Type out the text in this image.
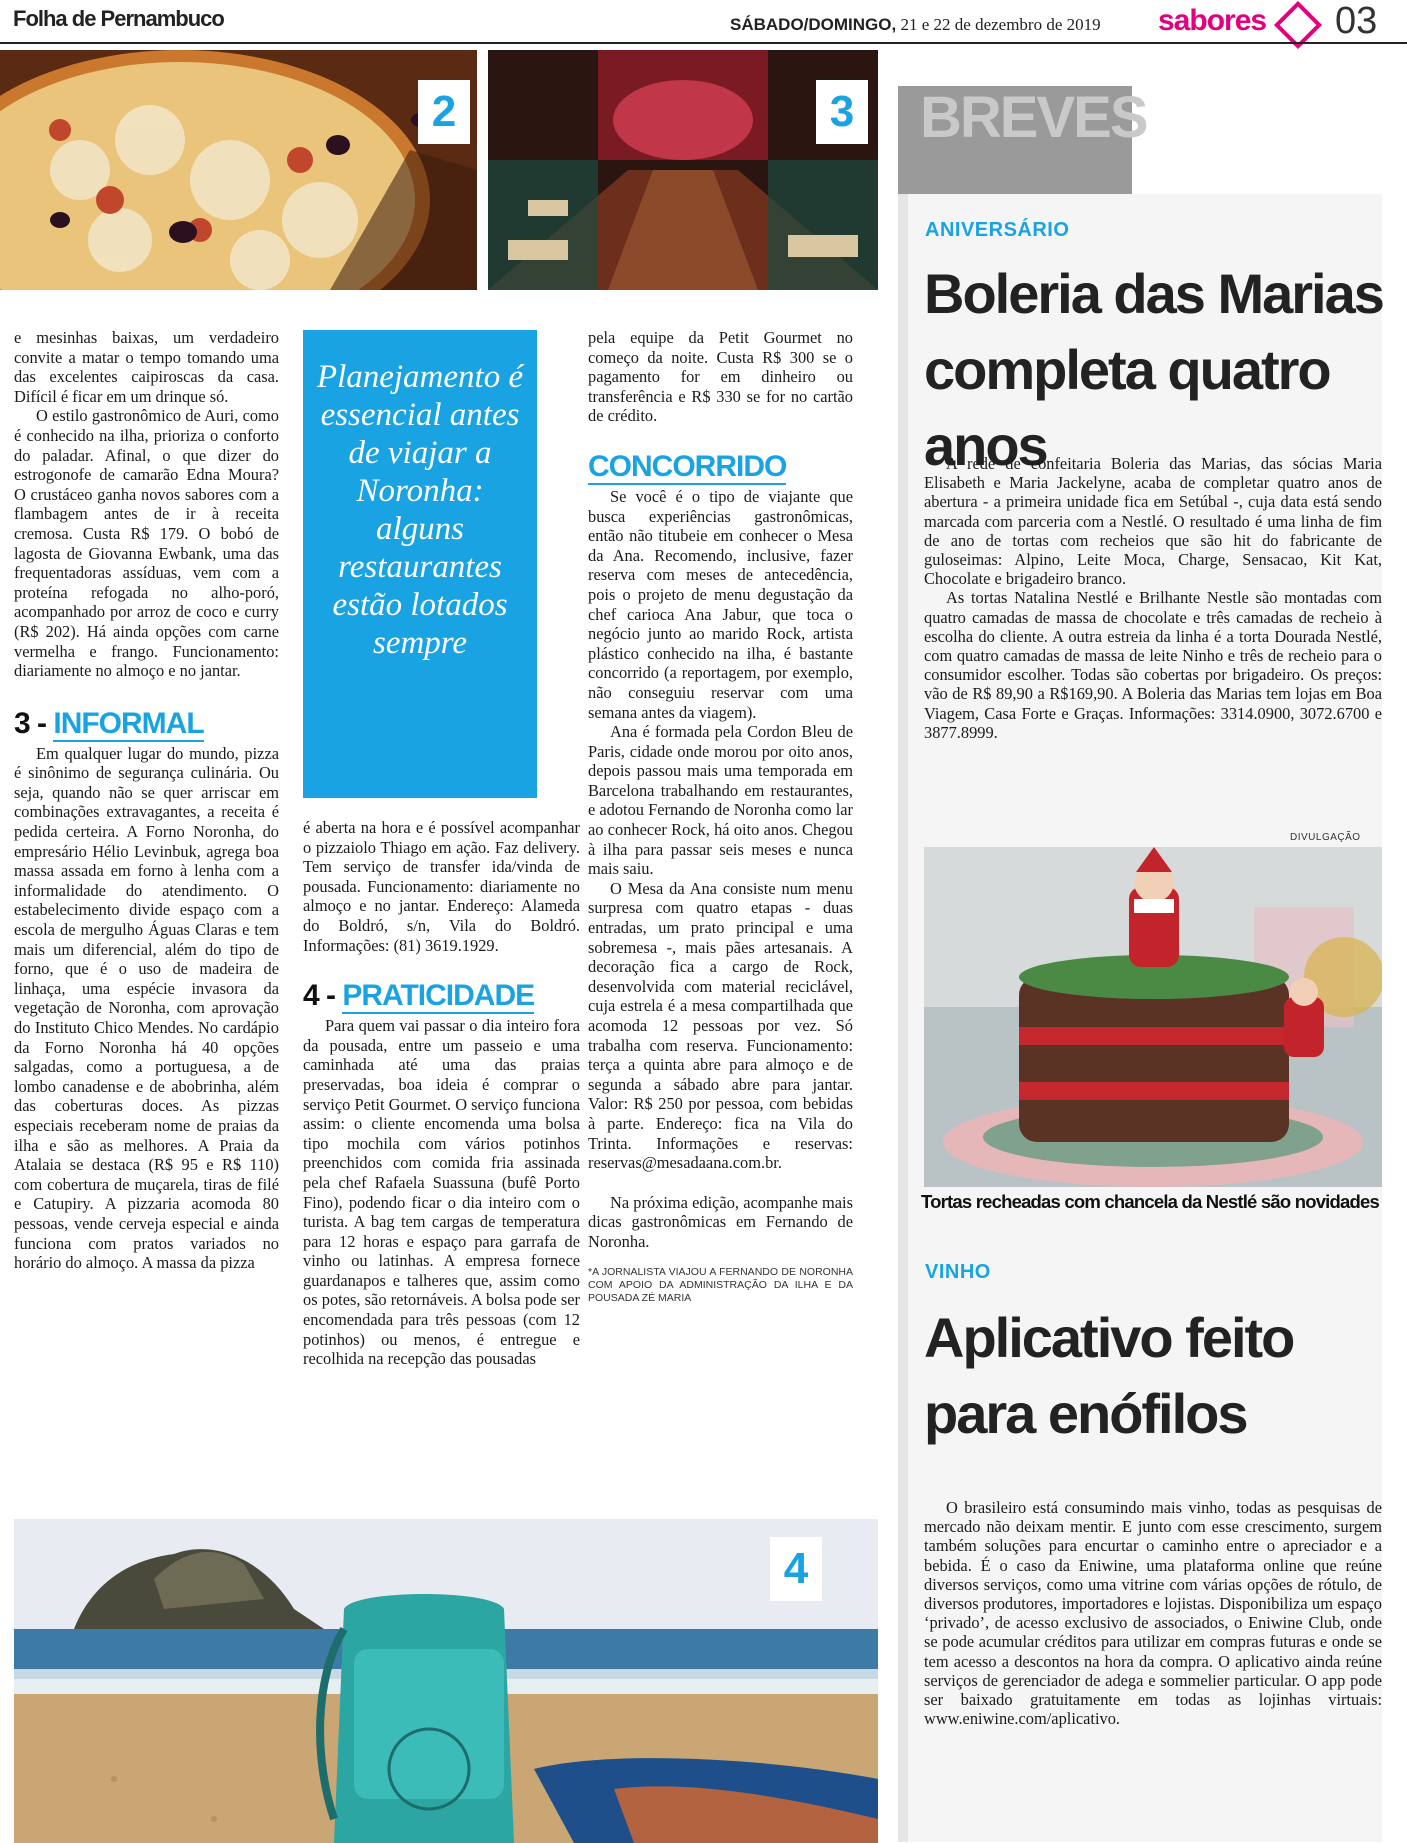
Folha de Pernambuco	SÁBADO/DOMINGO, 21 e 22 de dezembro de 2019 sabores 03
2	3

e mesinhas baixas, um verdadeiro convite a matar o tempo tomando uma das excelentes caipiroscas da casa. Difícil é ficar em um drinque só.

O estilo gastronômico de Auri, como é conhecido na ilha, prioriza o conforto do paladar. Afinal, o que dizer do estrogonofe de camarão Edna Moura? O crustáceo ganha novos sabores com a flambagem antes de ir à receita cremosa. Custa R$ 179. O bobó de lagosta de Giovanna Ewbank, uma das frequentadoras assíduas, vem com a proteína refogada no alho-poró, acompanhado por arroz de coco e curry (R$ 202). Há ainda opções com carne vermelha e frango. Funcionamento: diariamente no almoço e no jantar.

3 - INFORMAL

Em qualquer lugar do mundo, pizza é sinônimo de segurança culinária. Ou seja, quando não se quer arriscar em combinações extravagantes, a receita é pedida certeira. A Forno Noronha, do empresário Hélio Levinbuk, agrega boa massa assada em forno à lenha com a informalidade do atendimento. O estabelecimento divide espaço com a escola de mergulho Águas Claras e tem mais um diferencial, além do tipo de forno, que é o uso de madeira de linhaça, uma espécie invasora da vegetação de Noronha, com aprovação do Instituto Chico Mendes. No cardápio da Forno Noronha há 40 opções salgadas, como a portuguesa, a de lombo canadense e de abobrinha, além das coberturas doces. As pizzas especiais receberam nome de praias da ilha e são as melhores. A Praia da Atalaia se destaca (R$ 95 e R$ 110) com cobertura de muçarela, tiras de filé e Catupiry. A pizzaria acomoda 80 pessoas, vende cerveja especial e ainda funciona com pratos variados no horário do almoço. A massa da pizza

Planejamento é essencial antes de viajar a Noronha: alguns restaurantes estão lotados sempre

é aberta na hora e é possível acompanhar o pizzaiolo Thiago em ação. Faz delivery. Tem serviço de transfer ida/vinda de pousada. Funcionamento: diariamente no almoço e no jantar. Endereço: Alameda do Boldró, s/n, Vila do Boldró. Informações: (81) 3619.1929.

4 - PRATICIDADE

Para quem vai passar o dia inteiro fora da pousada, entre um passeio e uma caminhada até uma das praias preservadas, boa ideia é comprar o serviço Petit Gourmet. O serviço funciona assim: o cliente encomenda uma bolsa tipo mochila com vários potinhos preenchidos com comida fria assinada pela chef Rafaela Suassuna (bufê Porto Fino), podendo ficar o dia inteiro com o turista. A bag tem cargas de temperatura para 12 horas e espaço para garrafa de vinho ou latinhas. A empresa fornece guardanapos e talheres que, assim como os potes, são retornáveis. A bolsa pode ser encomendada para três pessoas (com 12 potinhos) ou menos, é entregue e recolhida na recepção das pousadas

pela equipe da Petit Gourmet no começo da noite. Custa R$ 300 se o pagamento for em dinheiro ou transferência e R$ 330 se for no cartão de crédito.

CONCORRIDO

Se você é o tipo de viajante que busca experiências gastronômicas, então não titubeie em conhecer o Mesa da Ana. Recomendo, inclusive, fazer reserva com meses de antecedência, pois o projeto de menu degustação da chef carioca Ana Jabur, que toca o negócio junto ao marido Rock, artista plástico conhecido na ilha, é bastante concorrido (a reportagem, por exemplo, não conseguiu reservar com uma semana antes da viagem).

Ana é formada pela Cordon Bleu de Paris, cidade onde morou por oito anos, depois passou mais uma temporada em Barcelona trabalhando em restaurantes, e adotou Fernando de Noronha como lar ao conhecer Rock, há oito anos. Chegou à ilha para passar seis meses e nunca mais saiu.

O Mesa da Ana consiste num menu surpresa com quatro etapas - duas entradas, um prato principal e uma sobremesa -, mais pães artesanais. A decoração fica a cargo de Rock, desenvolvida com material reciclável, cuja estrela é a mesa compartilhada que acomoda 12 pessoas por vez. Só trabalha com reserva. Funcionamento: terça a quinta abre para almoço e de segunda a sábado abre para jantar. Valor: R$ 250 por pessoa, com bebidas à parte. Endereço: fica na Vila do Trinta. Informações e reservas: reservas@mesadaana.com.br.

Na próxima edição, acompanhe mais dicas gastronômicas em Fernando de Noronha.

*A JORNALISTA VIAJOU A FERNANDO DE NORONHA COM APOIO DA ADMINISTRAÇÃO DA ILHA E DA POUSADA ZÉ MARIA
4
BREVES
ANIVERSÁRIO
Boleria das Marias
completa quatro anos

A rede de confeitaria Boleria das Marias, das sócias Maria Elisabeth e Maria Jackelyne, acaba de completar quatro anos de abertura - a primeira unidade fica em Setúbal -, cuja data está sendo marcada com parceria com a Nestlé. O resultado é uma linha de fim de ano de tortas com recheios que são hit do fabricante de guloseimas: Alpino, Leite Moca, Charge, Sensacao, Kit Kat, Chocolate e brigadeiro branco.

As tortas Natalina Nestlé e Brilhante Nestle são montadas com quatro camadas de massa de chocolate e três camadas de recheio à escolha do cliente. A outra estreia da linha é a torta Dourada Nestlé, com quatro camadas de massa de leite Ninho e três de recheio para o consumidor escolher. Todas são cobertas por brigadeiro. Os preços: vão de R$ 89,90 a R$169,90. A Boleria das Marias tem lojas em Boa Viagem, Casa Forte e Graças. Informações: 3314.0900, 3072.6700 e 3877.8999.

DIVULGAÇÃO
Tortas recheadas com chancela da Nestlé são novidades
VINHO
Aplicativo feito
para enófilos

O brasileiro está consumindo mais vinho, todas as pesquisas de mercado não deixam mentir. E junto com esse crescimento, surgem também soluções para encurtar o caminho entre o apreciador e a bebida. É o caso da Eniwine, uma plataforma online que reúne diversos serviços, como uma vitrine com várias opções de rótulo, de diversos produtores, importadores e lojistas. Disponibiliza um espaço ‘privado’, de acesso exclusivo de associados, o Eniwine Club, onde se pode acumular créditos para utilizar em compras futuras e onde se tem acesso a descontos na hora da compra. O aplicativo ainda reúne serviços de gerenciador de adega e sommelier particular. O app pode ser baixado gratuitamente em todas as lojinhas virtuais: www.eniwine.com/aplicativo.
